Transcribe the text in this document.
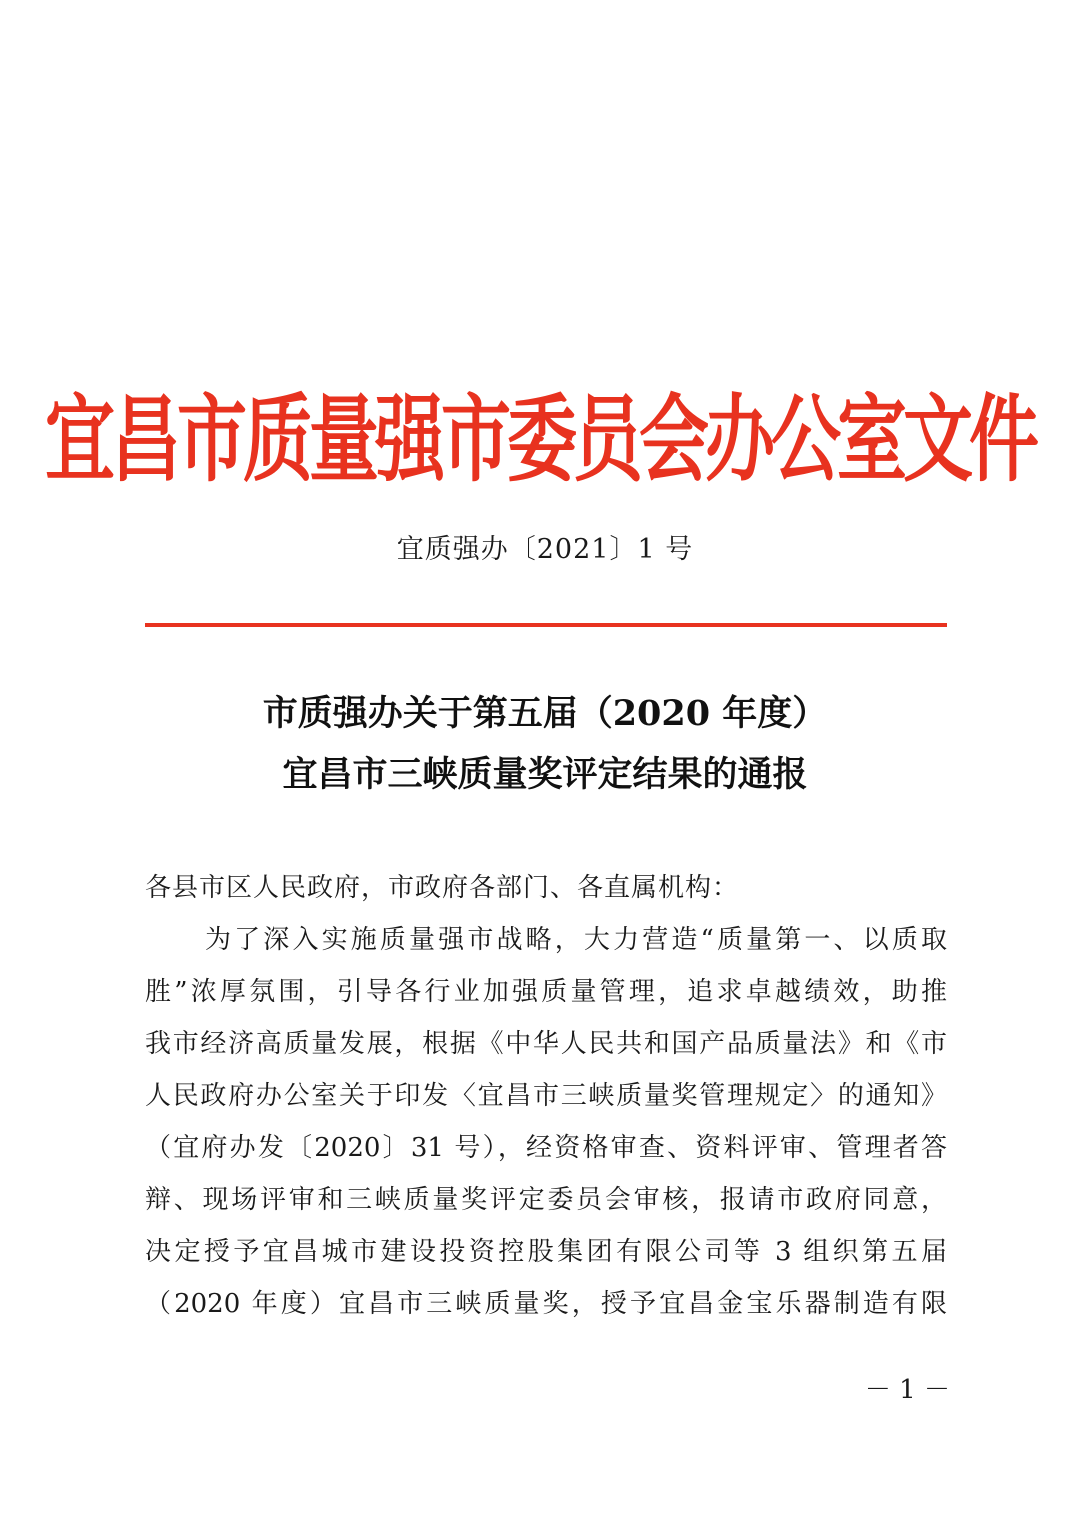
宜昌市质量强市委员会办公室文件
宜质强办〔2021〕1 号
市质强办关于第五届（2020 年度）
宜昌市三峡质量奖评定结果的通报
各县市区人民政府，市政府各部门、各直属机构：
为了深入实施质量强市战略，大力营造“质量第一、以质取
胜”浓厚氛围，引导各行业加强质量管理，追求卓越绩效，助推
我市经济高质量发展，根据《中华人民共和国产品质量法》和《市
人民政府办公室关于印发〈宜昌市三峡质量奖管理规定〉的通知》
（宜府办发〔2020〕31 号），经资格审查、资料评审、管理者答
辩、现场评审和三峡质量奖评定委员会审核，报请市政府同意，
决定授予宜昌城市建设投资控股集团有限公司等 3 组织第五届
（2020 年度）宜昌市三峡质量奖，授予宜昌金宝乐器制造有限
－ 1 －
